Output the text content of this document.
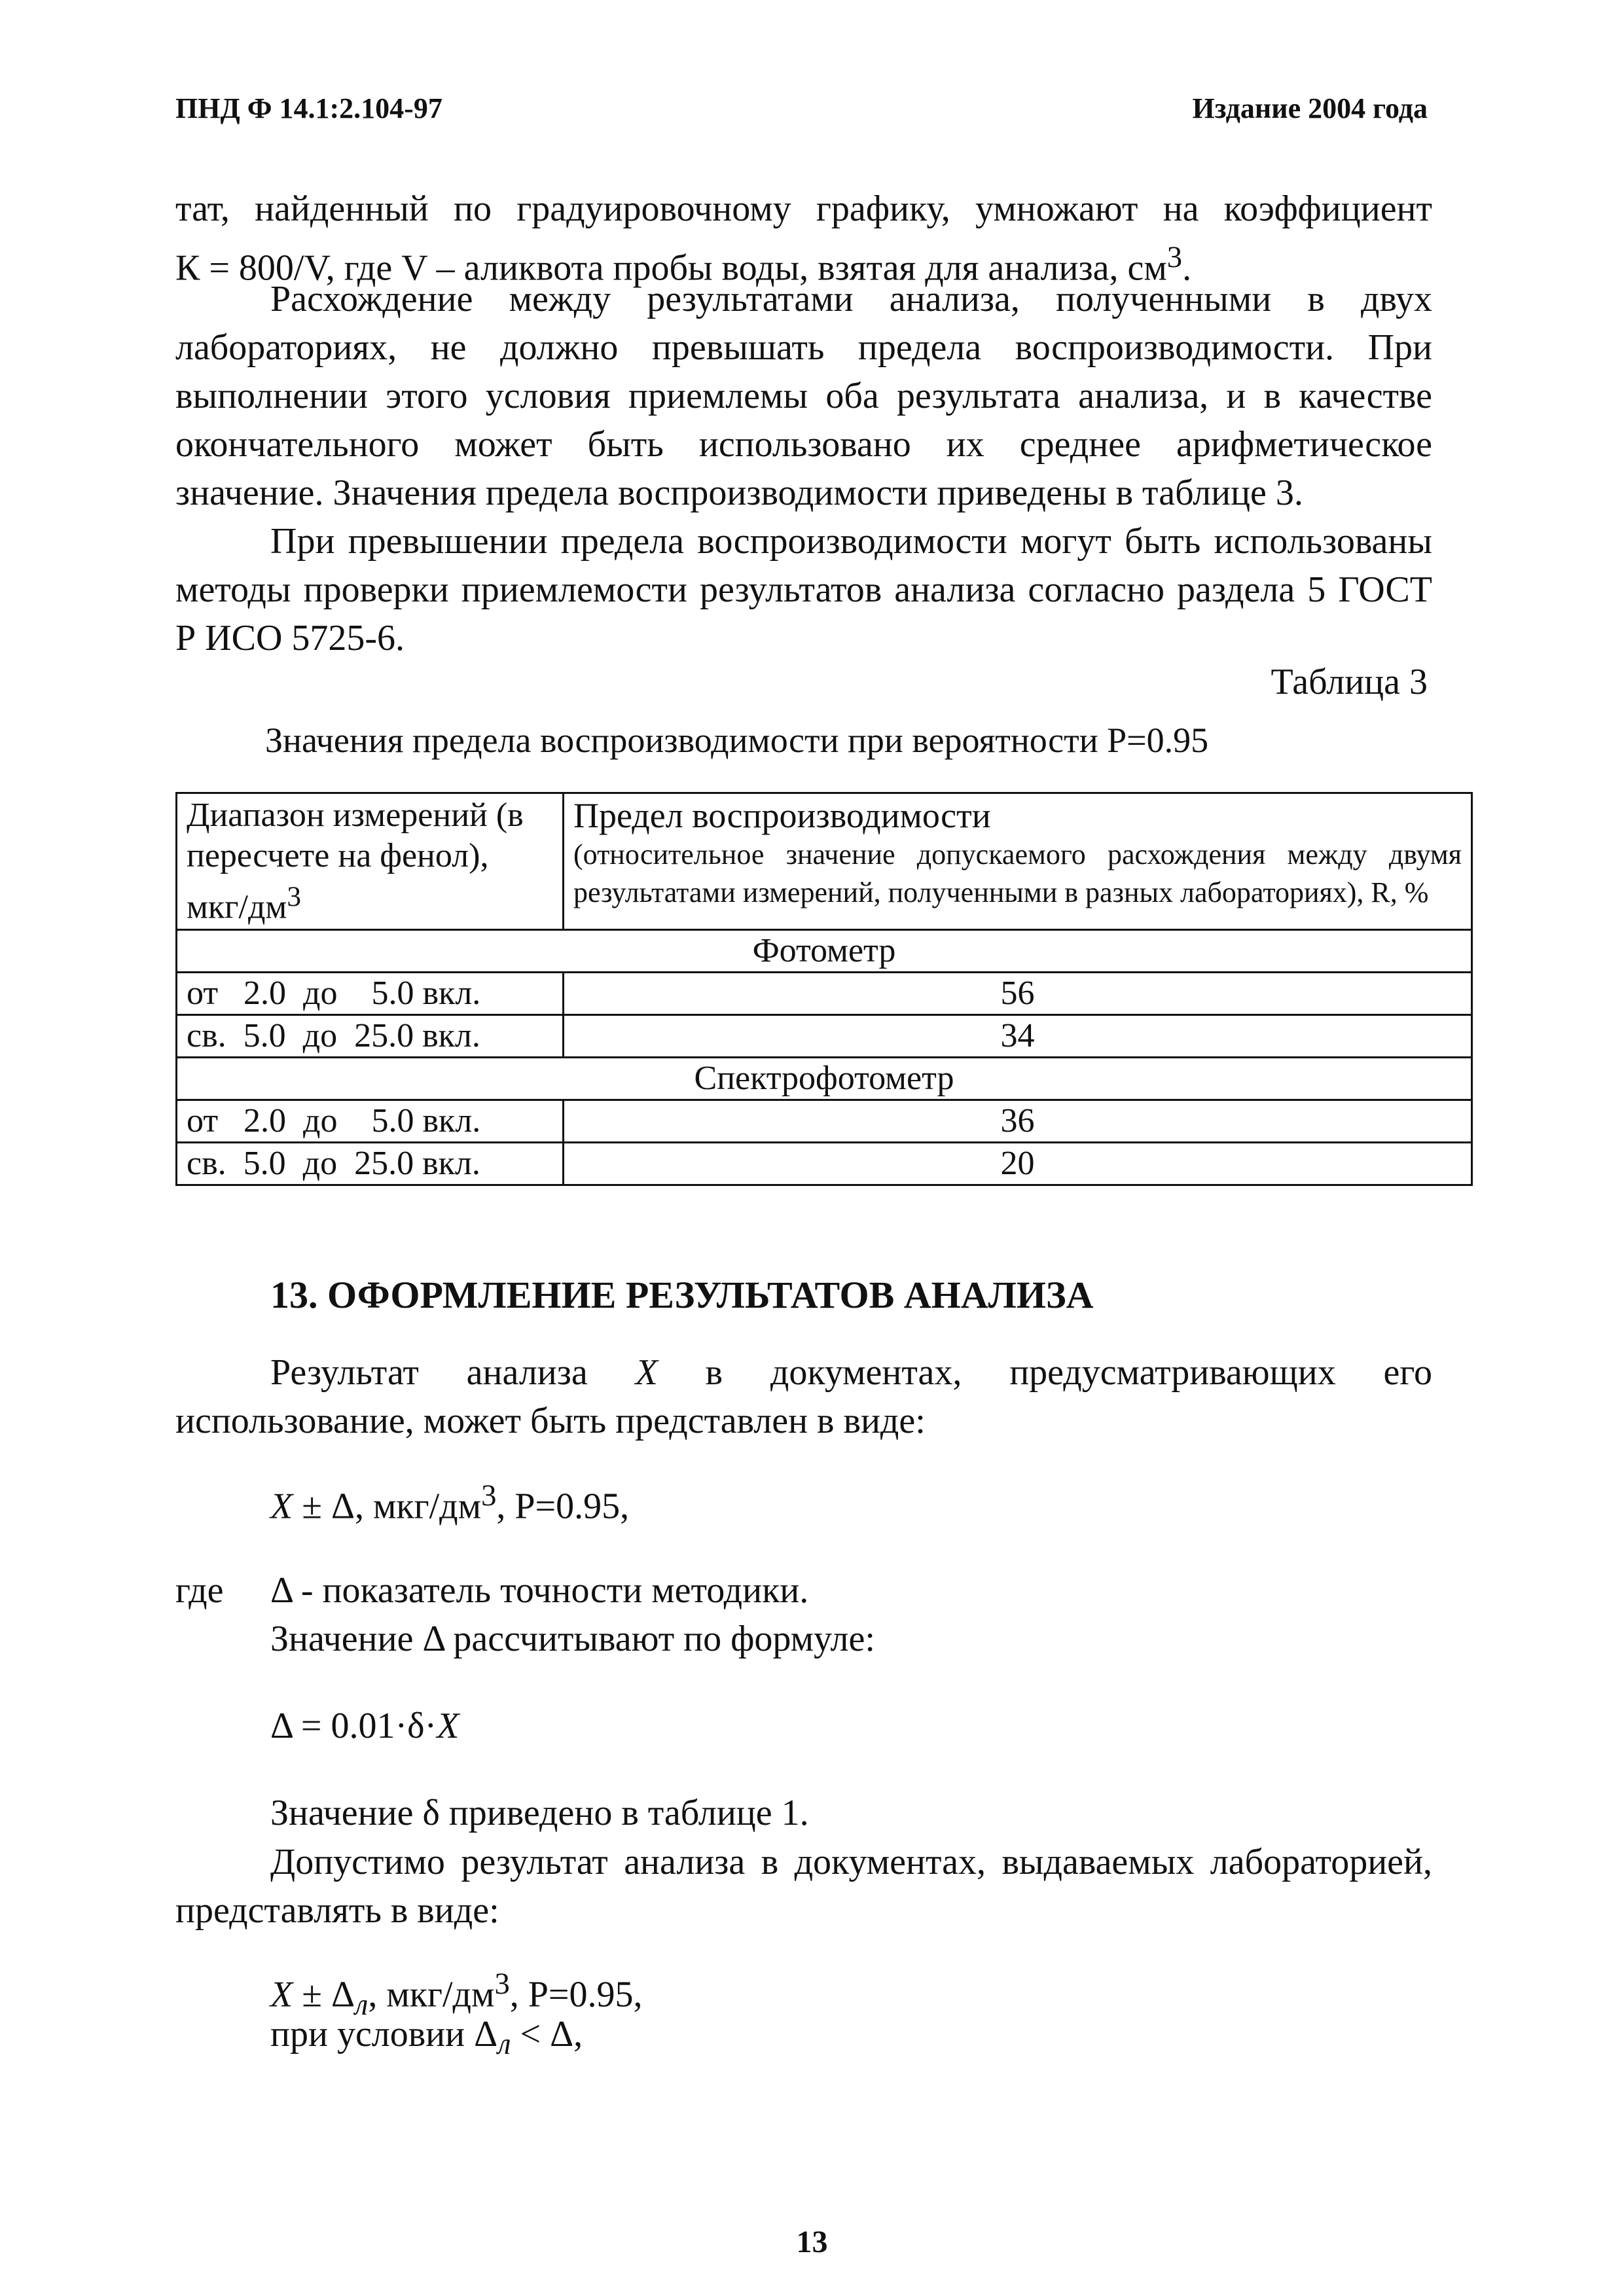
ПНД Ф 14.1:2.104-97	Издание 2004 года
тат, найденный по градуировочному графику, умножают на коэффициент
К = 800/V, где V – аликвота пробы воды, взятая для анализа, $см^3$.
Расхождение между результатами анализа, полученными в двух лабораториях, не должно превышать предела воспроизводимости. При выполнении этого условия приемлемы оба результата анализа, и в качестве окончательного может быть использовано их среднее арифметическое значение. Значения предела воспроизводимости приведены в таблице 3.
При превышении предела воспроизводимости могут быть использованы методы проверки приемлемости результатов анализа согласно раздела 5 ГОСТ Р ИСО 5725-6.
Таблица 3
Значения предела воспроизводимости при вероятности Р=0.95
Диапазон измерений (в пересчете на фенол), мкг/$дм^3$	Предел воспроизводимости
(относительное значение допускаемого расхождения между двумя результатами измерений, полученными в разных лабораториях), R, %

Фотометр	
от   2.0  до    5.0 вкл.	56
св.  5.0  до  25.0 вкл.	34
Спектрофотометр	
от   2.0  до    5.0 вкл.	36
св.  5.0  до  25.0 вкл.	20
13. ОФОРМЛЕНИЕ РЕЗУЛЬТАТОВ АНАЛИЗА
Результат анализа X в документах, предусматривающих его использование, может быть представлен в виде:
X ± Δ, мкг/$дм^3$, Р=0.95,
где Δ - показатель точности методики.
Значение Δ рассчитывают по формуле:
Δ = 0.01·δ·X
Значение δ приведено в таблице 1.
Допустимо результат анализа в документах, выдаваемых лабораторией, представлять в виде:
$X \pm \Delta_л$, мкг/$дм^3$, Р=0.95,
при условии $\Delta_л < \Delta$,
13
